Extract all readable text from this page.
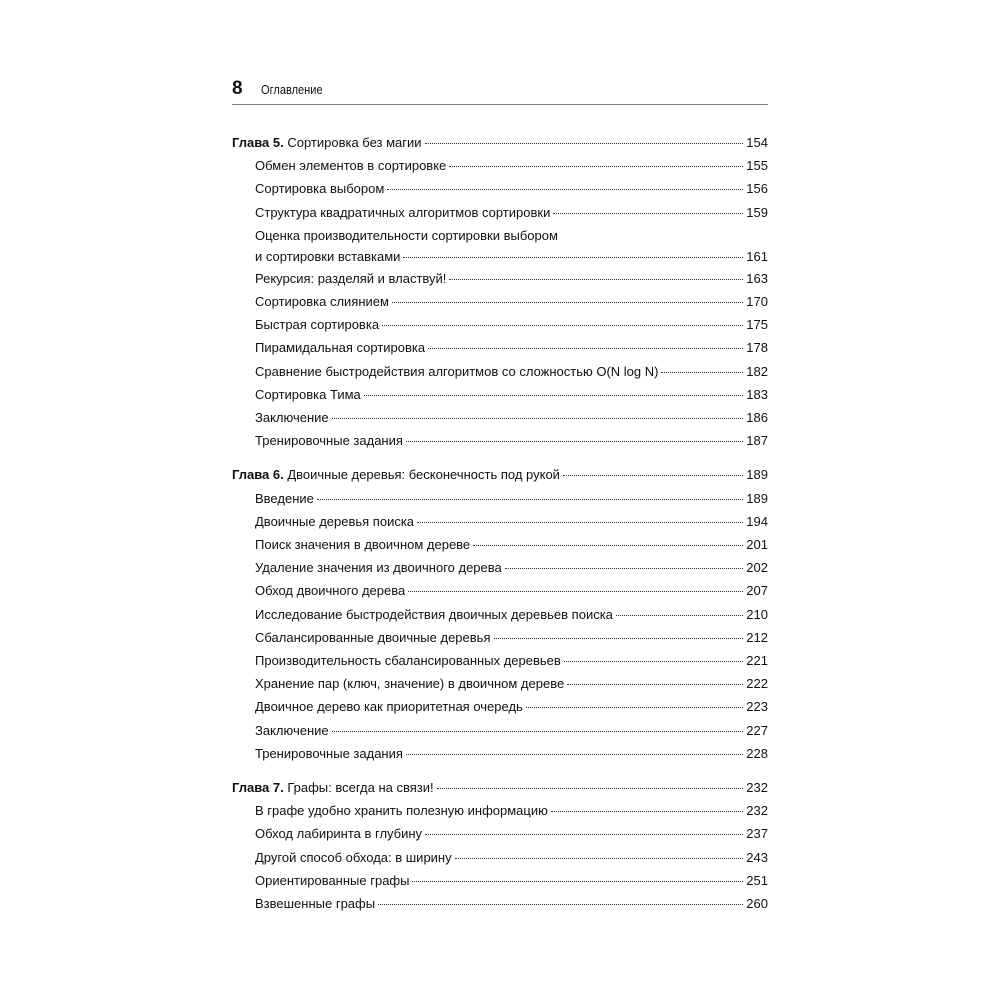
8 Оглавление
Глава 5. Сортировка без магии	154
Обмен элементов в сортировке	155
Сортировка выбором	156
Структура квадратичных алгоритмов сортировки	159
Оценка производительности сортировки выбором
и сортировки вставками	161
Рекурсия: разделяй и властвуй!	163
Сортировка слиянием	170
Быстрая сортировка	175
Пирамидальная сортировка	178
Сравнение быстродействия алгоритмов со сложностью O(N log N)	182
Сортировка Тима	183
Заключение	186
Тренировочные задания	187
Глава 6. Двоичные деревья: бесконечность под рукой	189
Введение	189
Двоичные деревья поиска	194
Поиск значения в двоичном дереве	201
Удаление значения из двоичного дерева	202
Обход двоичного дерева	207
Исследование быстродействия двоичных деревьев поиска	210
Сбалансированные двоичные деревья	212
Производительность сбалансированных деревьев	221
Хранение пар (ключ, значение) в двоичном дереве	222
Двоичное дерево как приоритетная очередь	223
Заключение	227
Тренировочные задания	228
Глава 7. Графы: всегда на связи!	232
В графе удобно хранить полезную информацию	232
Обход лабиринта в глубину	237
Другой способ обхода: в ширину	243
Ориентированные графы	251
Взвешенные графы	260
